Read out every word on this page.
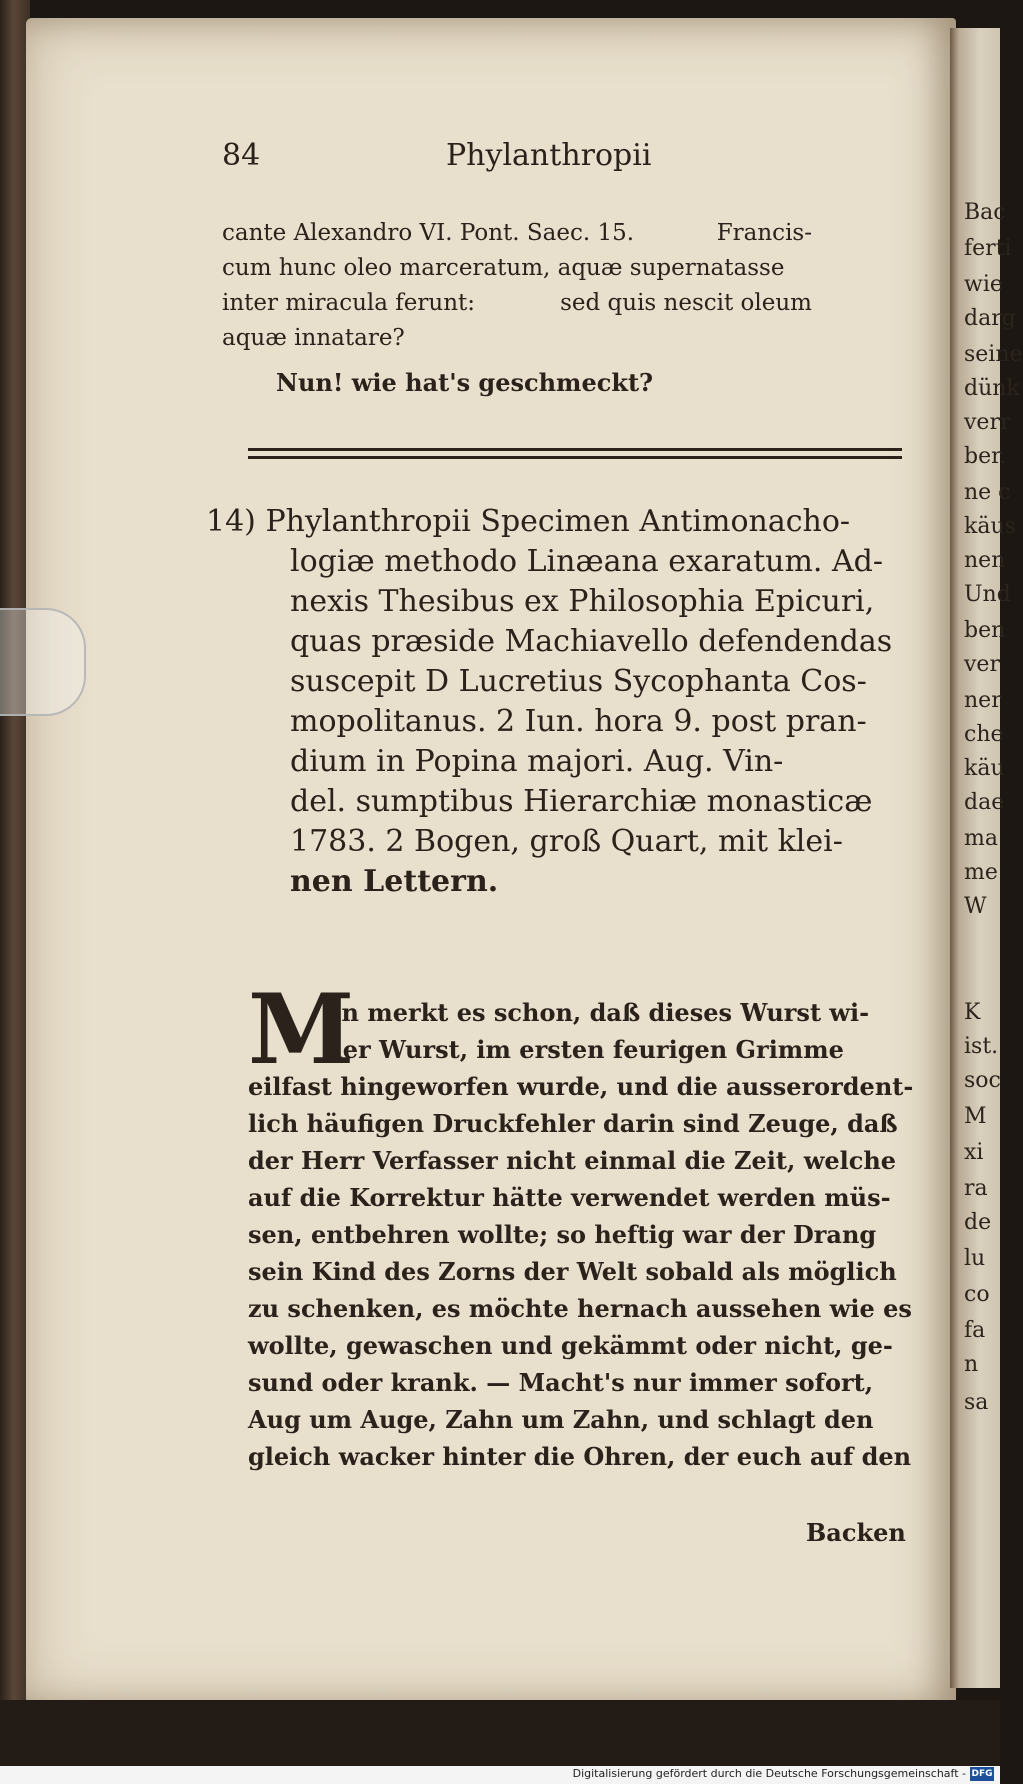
84	Phylanthropii
cante Alexandro VI. Pont. Saec. 15.	Francis-
cum hunc oleo marceratum, aquæ supernatasse
inter miracula ferunt:	sed quis nescit oleum
aquæ innatare?
Nun! wie hat's geschmeckt?
14) Phylanthropii Specimen Antimonacho-
logiæ methodo Linæana exaratum. Ad-
nexis Thesibus ex Philosophia Epicuri,
quas præside Machiavello defendendas
suscepit D Lucretius Sycophanta Cos-
mopolitanus. 2 Iun. hora 9. post pran-
dium in Popina majori. Aug. Vin-
del. sumptibus Hierarchiæ monasticæ
1783. 2 Bogen, groß Quart, mit klei-
nen Lettern.
M
an merkt es schon, daß dieses Wurst wi-
der Wurst, im ersten feurigen Grimme
eilfast hingeworfen wurde, und die ausserordent-
lich häufigen Druckfehler darin sind Zeuge, daß
der Herr Verfasser nicht einmal die Zeit, welche
auf die Korrektur hätte verwendet werden müs-
sen, entbehren wollte; so heftig war der Drang
sein Kind des Zorns der Welt sobald als möglich
zu schenken, es möchte hernach aussehen wie es
wollte, gewaschen und gekämmt oder nicht, ge-
sund oder krank. — Macht's nur immer sofort,
Aug um Auge, Zahn um Zahn, und schlagt den
gleich wacker hinter die Ohren, der euch auf den
Backen
Bac
ferti
wie
darg
seine
dünk
verr
ber.
ne c
käus
nen
Und
ben
ver
ner
che
käu
dae
ma
me
W
K
ist.
soc
M
xi
ra
de
lu
co
fa
n
sa
Digitalisierung gefördert durch die Deutsche Forschungsgemeinschaft - DFG
